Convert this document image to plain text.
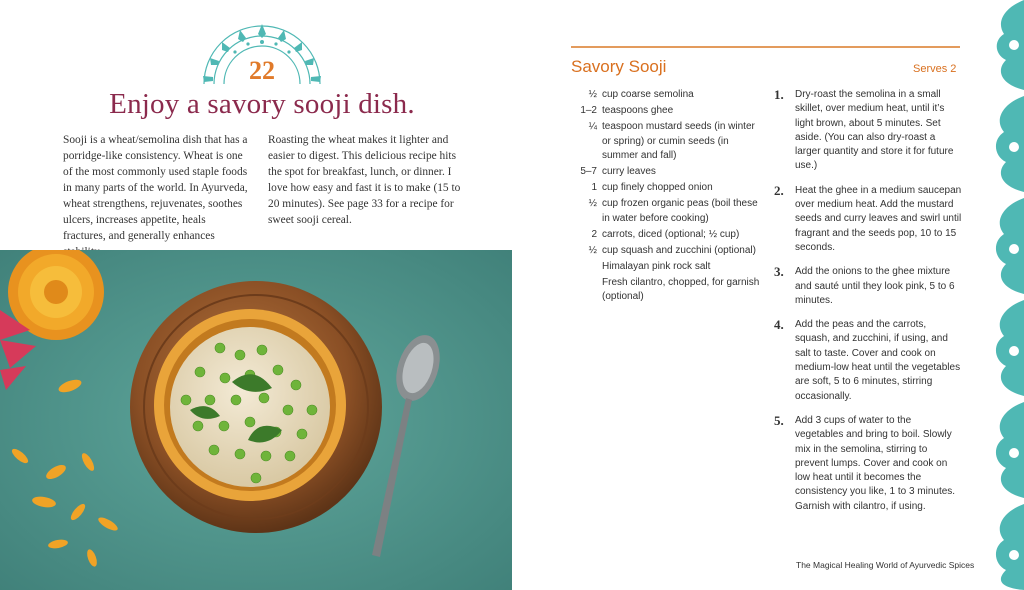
22
Enjoy a savory sooji dish.
Sooji is a wheat/semolina dish that has a porridge-like consistency. Wheat is one of the most commonly used staple foods in many parts of the world. In Ayurveda, wheat strengthens, rejuvenates, soothes ulcers, increases appetite, heals fractures, and generally enhances
Roasting the wheat makes it lighter and easier to digest. This delicious recipe hits the spot for breakfast, lunch, or dinner. I love how easy and fast it is to make (15 to 20 minutes). See page 33 for a recipe for sweet sooji cereal.
Savory Sooji	Serves 2
½ cup coarse semolina
1–2 teaspoons ghee
¼ teaspoon mustard seeds (in winter or spring) or cumin seeds (in summer and fall)
5–7 curry leaves
1 cup finely chopped onion
½ cup frozen organic peas (boil these in water before cooking)
2 carrots, diced (optional; ½ cup)
½ cup squash and zucchini (optional)
Himalayan pink rock salt
Fresh cilantro, chopped, for garnish (optional)
1.	Dry-roast the semolina in a small skillet, over medium heat, until it’s light brown, about 5 minutes. Set aside. (You can also dry-roast a larger quantity and store it for future use.)
2.	Heat the ghee in a medium saucepan over medium heat. Add the mustard seeds and curry leaves and swirl until fragrant and the seeds pop, 10 to 15 seconds.
3.	Add the onions to the ghee mixture and sauté until they look pink, 5 to 6 minutes.
4.	Add the peas and the carrots, squash, and zucchini, if using, and salt to taste. Cover and cook on medium-low heat until the vegetables are soft, 5 to 6 minutes, stirring occasionally.
5.	Add 3 cups of water to the vegetables and bring to boil. Slowly mix in the semolina, stirring to prevent lumps. Cover and cook on low heat until it becomes the consistency you like, 1 to 3 minutes. Garnish with cilantro, if using.
The Magical Healing World of Ayurvedic Spices
